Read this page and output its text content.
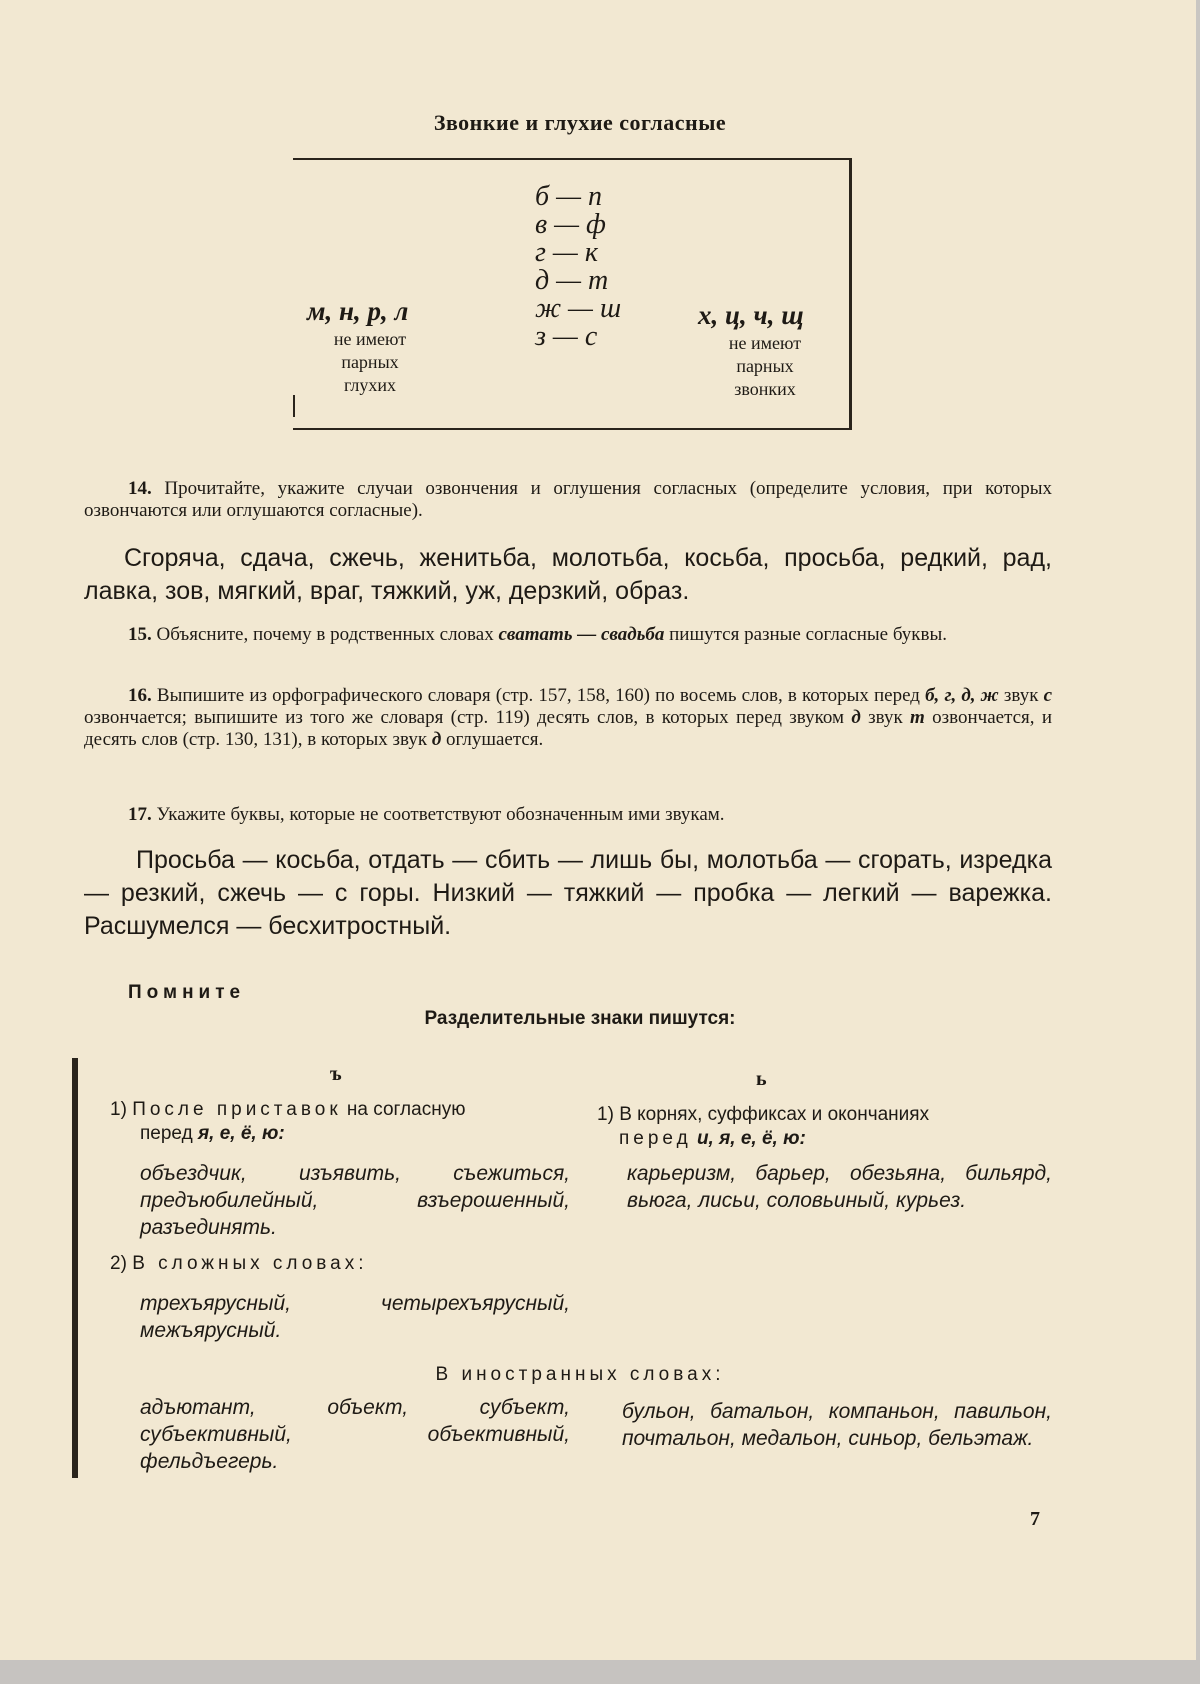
Звонкие и глухие согласные
б — п
в — ф
г — к
д — т
ж — ш
з — с
м, н, р, л
не имеют
парных
глухих
х, ц, ч, щ
не имеют
парных
звонких
14. Прочитайте, укажите случаи озвончения и оглушения согласных (определите условия, при которых озвончаются или оглушаются согласные).
Сгоряча, сдача, сжечь, женитьба, молотьба, косьба, просьба, редкий, рад, лавка, зов, мягкий, враг, тяжкий, уж, дерзкий, образ.
15. Объясните, почему в родственных словах сватать — свадьба пишутся разные согласные буквы.
16. Выпишите из орфографического словаря (стр. 157, 158, 160) по восемь слов, в которых перед б, г, д, ж звук с озвончается; выпишите из того же словаря (стр. 119) десять слов, в которых перед звуком д звук т озвончается, и десять слов (стр. 130, 131), в которых звук д оглушается.
17. Укажите буквы, которые не соответствуют обозначенным ими звукам.
Просьба — косьба, отдать — сбить — лишь бы, молотьба — сгорать, изредка — резкий, сжечь — с горы. Низкий — тяжкий — пробка — легкий — варежка. Расшумелся — бесхитростный.
Помните
Разделительные знаки пишутся:
ъ	ь
1) После приставок на согласную
перед я, е, ё, ю:
объездчик, изъявить, съежиться, предъюбилейный, взъерошенный, разъединять.
2) В сложных словах:
трехъярусный, четырехъярусный, межъярусный.
1) В корнях, суффиксах и окончаниях
перед и, я, е, ё, ю:
карьеризм, барьер, обезьяна, бильярд, вьюга, лисьи, соловьиный, курьез.
В иностранных словах:
адъютант, объект, субъект, субъективный, объективный, фельдъегерь.
бульон, батальон, компаньон, павильон, почтальон, медальон, синьор, бельэтаж.
7
